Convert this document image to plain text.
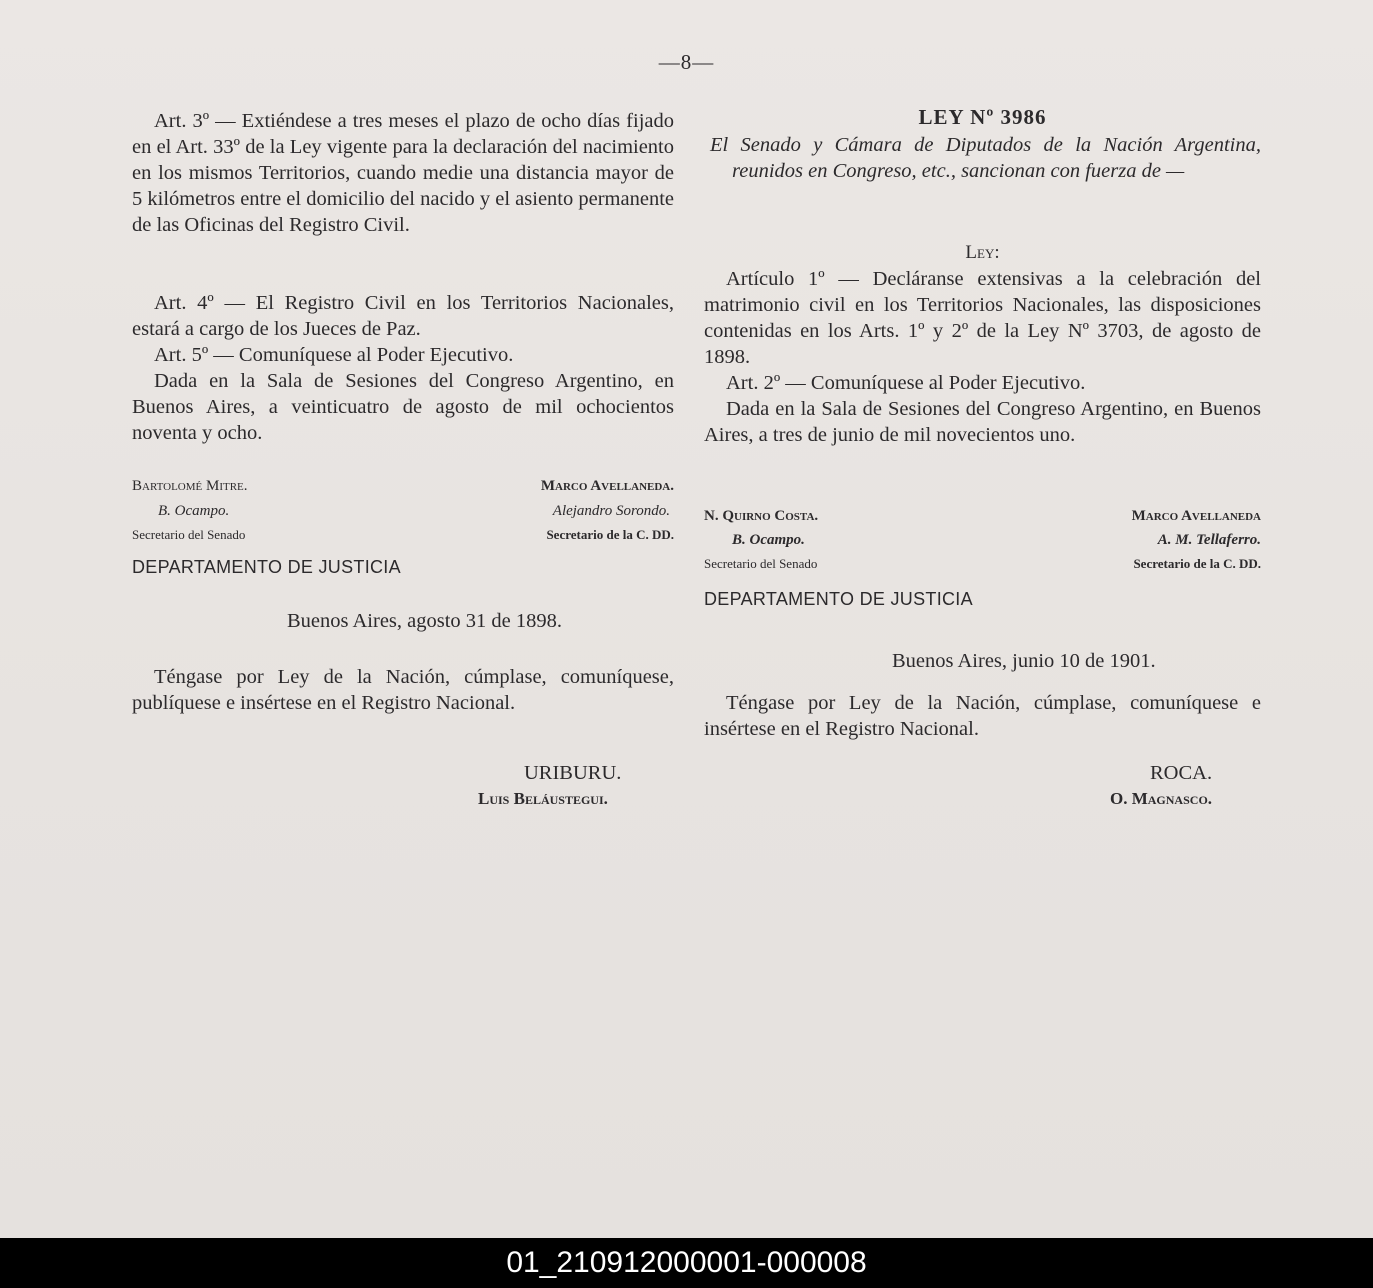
—8—

Art. 3º — Extiéndese a tres meses el plazo de ocho días fijado en el Art. 33º de la Ley vigente para la declaración del nacimiento en los mismos Territorios, cuando medie una distancia mayor de 5 kilómetros entre el domicilio del nacido y el asiento permanente de las Oficinas del Registro Civil.

Art. 4º — El Registro Civil en los Territorios Nacionales, estará a cargo de los Jueces de Paz.

Art. 5º — Comuníquese al Poder Ejecutivo.

Dada en la Sala de Sesiones del Congreso Argentino, en Buenos Aires, a veinticuatro de agosto de mil ochocientos noventa y ocho.

Bartolomé Mitre.
B. Ocampo.
Secretario del Senado
Marco Avellaneda.
Alejandro Sorondo.
Secretario de la C. DD.
DEPARTAMENTO DE JUSTICIA
Buenos Aires, agosto 31 de 1898.

Téngase por Ley de la Nación, cúmplase, comuníquese, publíquese e insértese en el Registro Nacional.

URIBURU.
Luis Beláustegui.
LEY Nº 3986

El Senado y Cámara de Diputados de la Nación Argentina, reunidos en Congreso, etc., sancionan con fuerza de —

Ley:

Artículo 1º — Decláranse extensivas a la celebración del matrimonio civil en los Territorios Nacionales, las disposiciones contenidas en los Arts. 1º y 2º de la Ley Nº 3703, de agosto de 1898.

Art. 2º — Comuníquese al Poder Ejecutivo.

Dada en la Sala de Sesiones del Congreso Argentino, en Buenos Aires, a tres de junio de mil novecientos uno.

N. Quirno Costa.
B. Ocampo.
Secretario del Senado
Marco Avellaneda
A. M. Tellaferro.
Secretario de la C. DD.
DEPARTAMENTO DE JUSTICIA
Buenos Aires, junio 10 de 1901.

Téngase por Ley de la Nación, cúmplase, comuníquese e insértese en el Registro Nacional.

ROCA.
O. Magnasco.
01_210912000001-000008
